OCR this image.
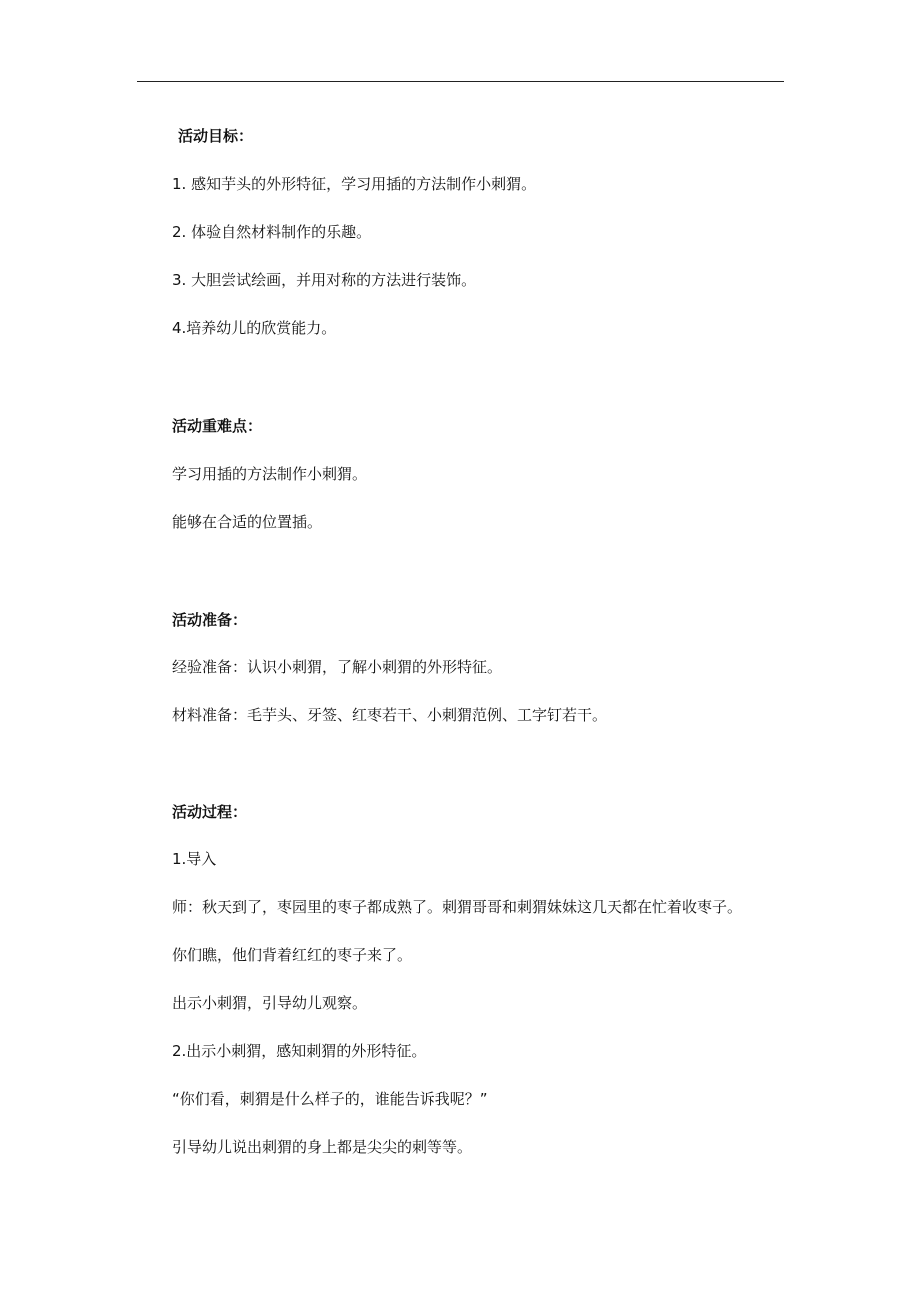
活动目标：
1. 感知芋头的外形特征，学习用插的方法制作小刺猬。
2. 体验自然材料制作的乐趣。
3. 大胆尝试绘画，并用对称的方法进行装饰。
4.培养幼儿的欣赏能力。
活动重难点：
学习用插的方法制作小刺猬。
能够在合适的位置插。
活动准备：
经验准备：认识小刺猬，了解小刺猬的外形特征。
材料准备：毛芋头、牙签、红枣若干、小刺猬范例、工字钉若干。
活动过程：
1.导入
师：秋天到了，枣园里的枣子都成熟了。刺猬哥哥和刺猬妹妹这几天都在忙着收枣子。
你们瞧，他们背着红红的枣子来了。
出示小刺猬，引导幼儿观察。
2.出示小刺猬，感知刺猬的外形特征。
“你们看，刺猬是什么样子的，谁能告诉我呢？”
引导幼儿说出刺猬的身上都是尖尖的刺等等。
